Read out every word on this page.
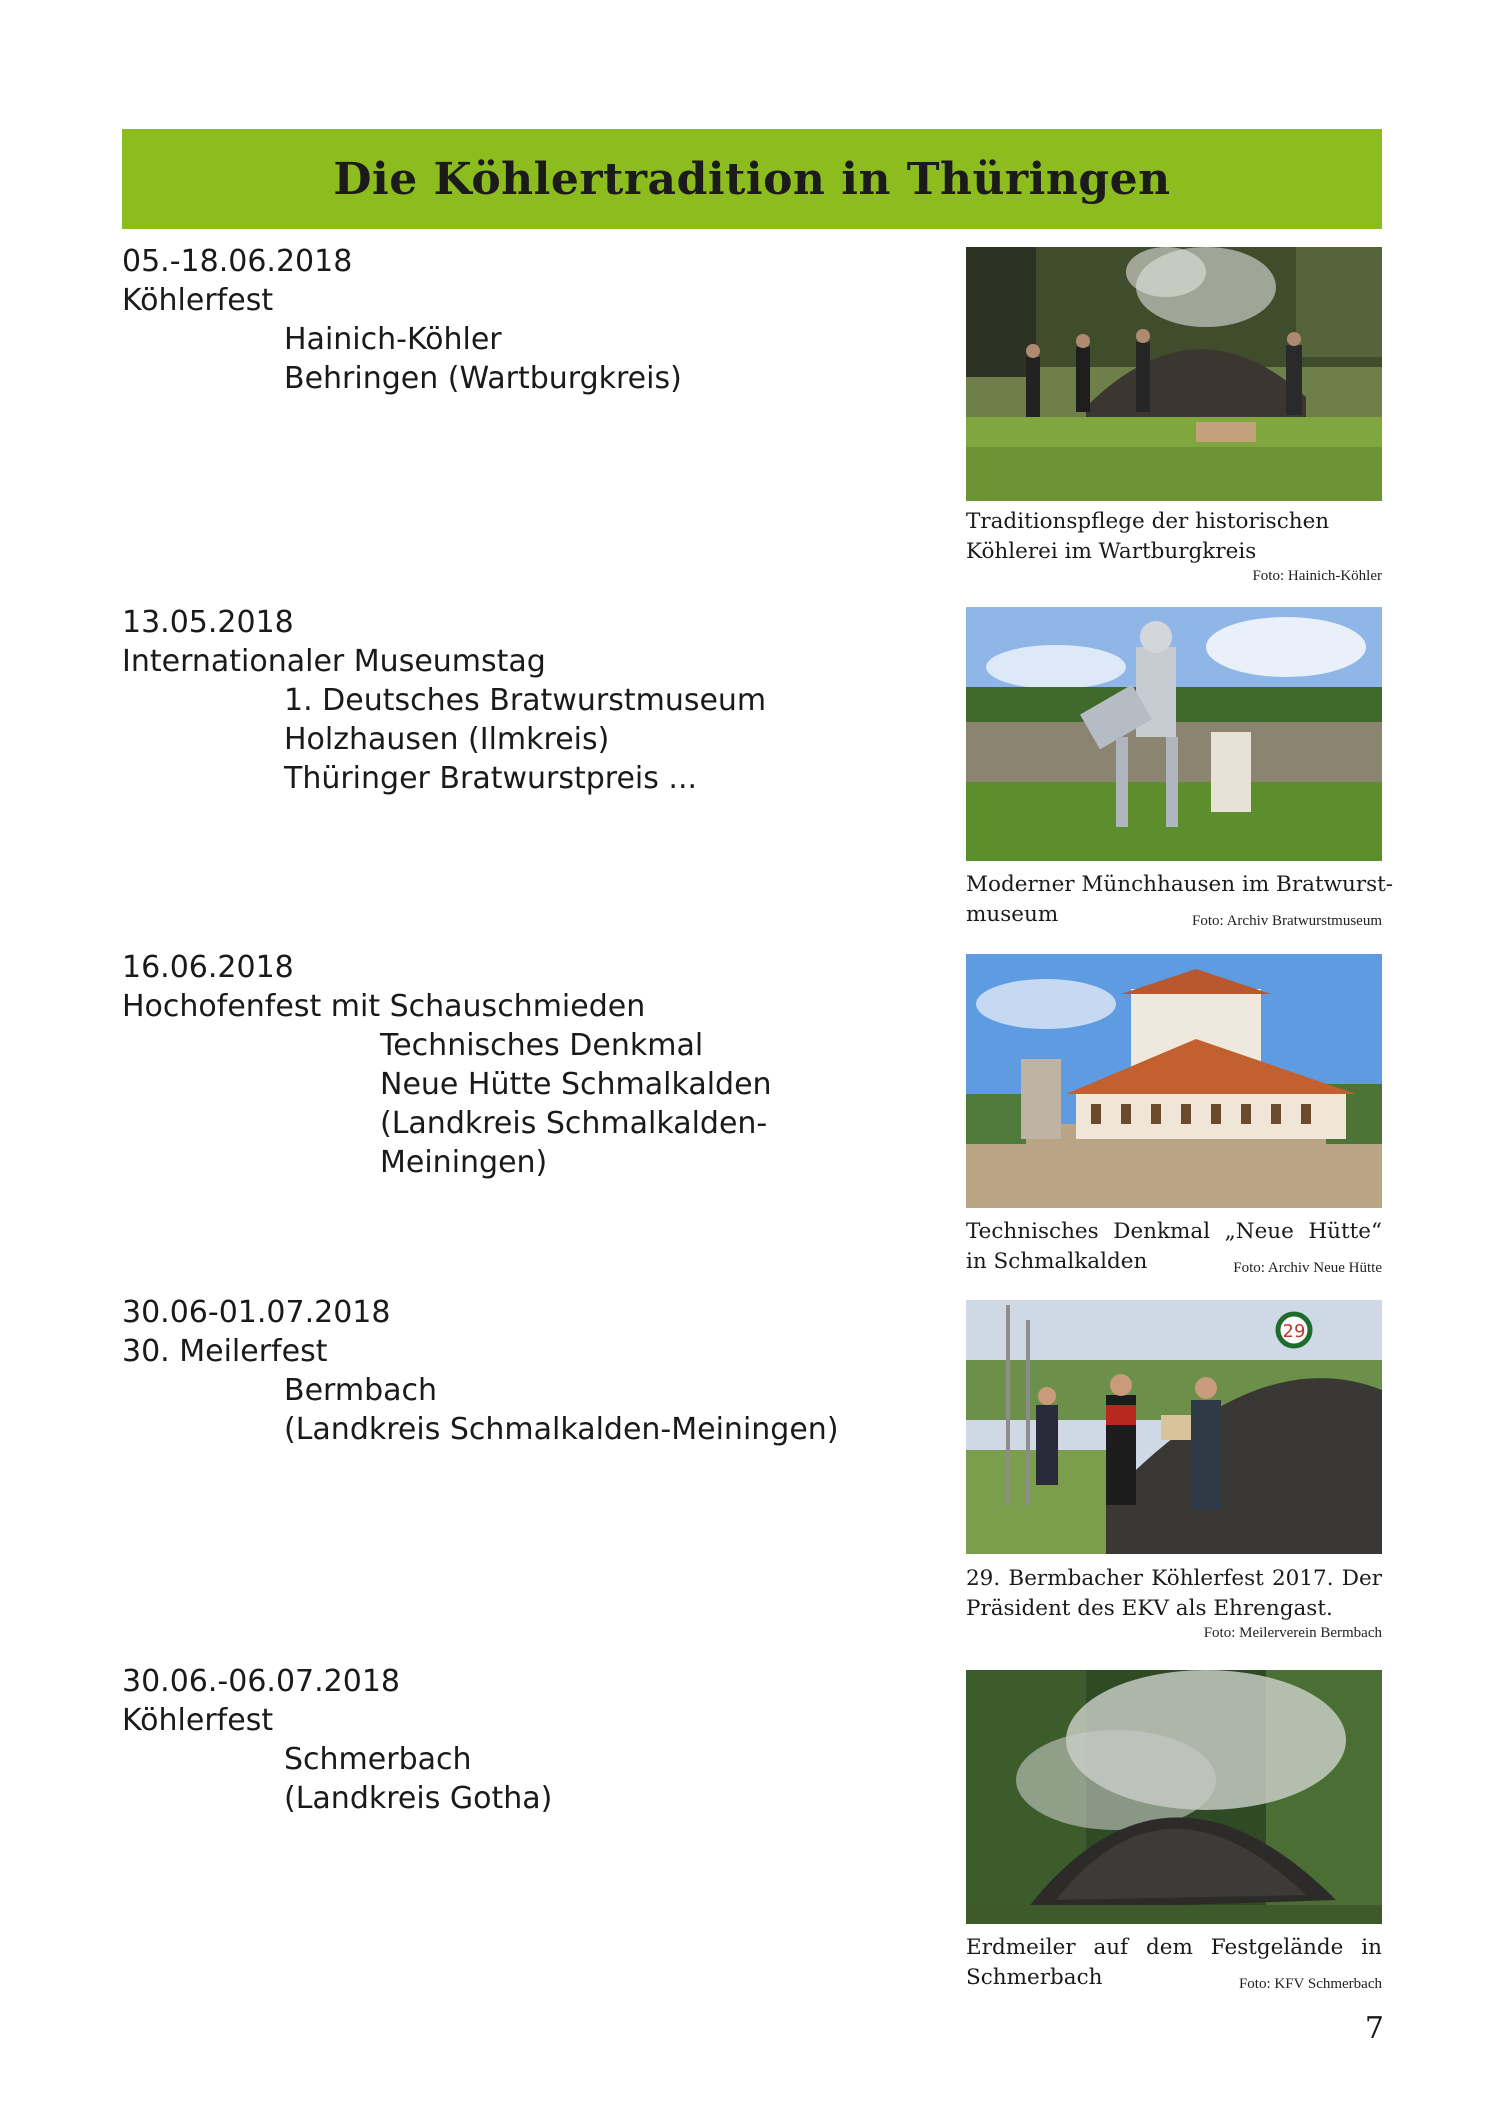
Die Köhlertradition in Thüringen
05.-18.06.2018
Köhlerfest
Hainich-Köhler
Behringen (Wartburgkreis)
13.05.2018
Internationaler Museumstag
1. Deutsches Bratwurstmuseum
Holzhausen (Ilmkreis)
Thüringer Bratwurstpreis ...
16.06.2018
Hochofenfest mit Schauschmieden
Technisches Denkmal
Neue Hütte Schmalkalden
(Landkreis Schmalkalden-
Meiningen)
30.06-01.07.2018
30. Meilerfest
Bermbach
(Landkreis Schmalkalden-Meiningen)
30.06.-06.07.2018
Köhlerfest
Schmerbach
(Landkreis Gotha)
Traditionspflege der historischen
Köhlerei im Wartburgkreis
Foto: Hainich-Köhler
Moderner Münchhausen im Bratwurst-
museum	Foto: Archiv Bratwurstmuseum
Technisches Denkmal „Neue Hütte“
in Schmalkalden	Foto: Archiv Neue Hütte
29
29. Bermbacher Köhlerfest 2017. Der
Präsident des EKV als Ehrengast.
Foto: Meilerverein Bermbach
Erdmeiler auf dem Festgelände in
Schmerbach	Foto: KFV Schmerbach
7
